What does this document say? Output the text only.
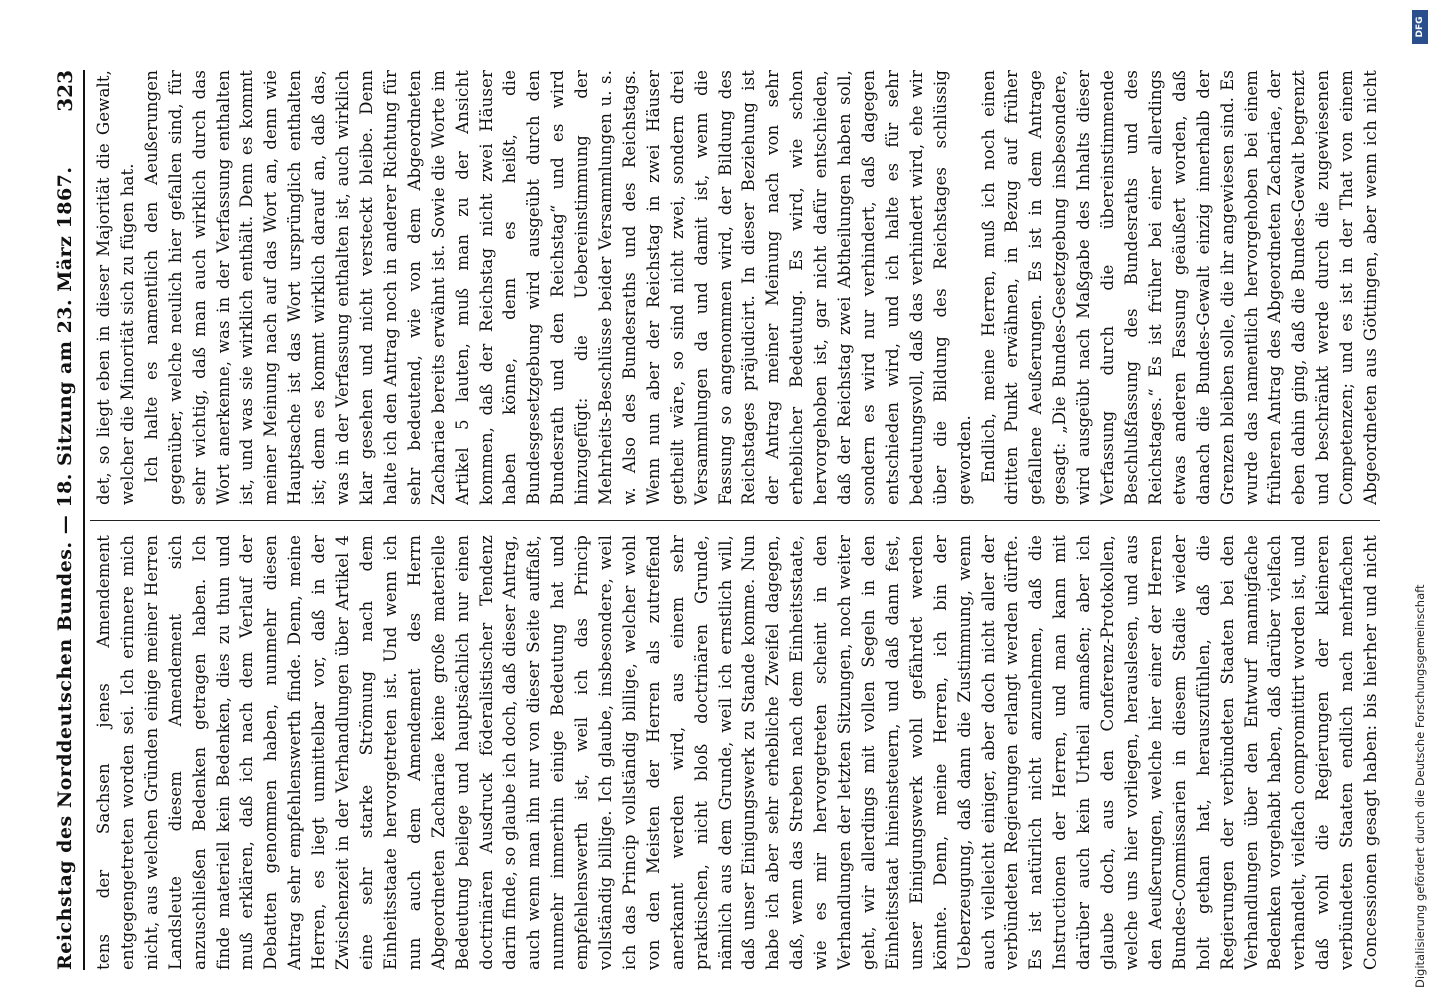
Reichstag des Norddeutschen Bundes. — 18. Sitzung am 23. März 1867.
323

tens der Sachsen jenes Amendement entgegengetreten worden sei. Ich erinnere mich nicht, aus welchen Gründen einige meiner Herren Landsleute diesem Amendement sich anzuschließen Bedenken getragen haben. Ich finde materiell kein Bedenken, dies zu thun und muß erklären, daß ich nach dem Verlauf der Debatten genommen haben, nunmehr diesen Antrag sehr empfehlenswerth finde. Denn, meine Herren, es liegt unmittelbar vor, daß in der Zwischenzeit in der Verhandlungen über Artikel 4 eine sehr starke Strömung nach dem Einheitsstaate hervorgetreten ist. Und wenn ich nun auch dem Amendement des Herrn Abgeordneten Zachariae keine große materielle Bedeutung beilege und hauptsächlich nur einen doctrinären Ausdruck föderalistischer Tendenz darin finde, so glaube ich doch, daß dieser Antrag, auch wenn man ihn nur von dieser Seite auffaßt, nunmehr immerhin einige Bedeutung hat und empfehlenswerth ist, weil ich das Princip vollständig billige. Ich glaube, insbesondere, weil ich das Princip vollständig billige, welcher wohl von den Meisten der Herren als zutreffend anerkannt werden wird, aus einem sehr praktischen, nicht bloß doctrinären Grunde, nämlich aus dem Grunde, weil ich ernstlich will, daß unser Einigungswerk zu Stande komme. Nun habe ich aber sehr erhebliche Zweifel dagegen, daß, wenn das Streben nach dem Einheitsstaate, wie es mir hervorgetreten scheint in den Verhandlungen der letzten Sitzungen, noch weiter geht, wir allerdings mit vollen Segeln in den Einheitsstaat hineinsteuern, und daß dann fest, unser Einigungswerk wohl gefährdet werden könnte. Denn, meine Herren, ich bin der Ueberzeugung, daß dann die Zustimmung, wenn auch vielleicht einiger, aber doch nicht aller der verbündeten Regierungen erlangt werden dürfte. Es ist natürlich nicht anzunehmen, daß die Instructionen der Herren, und man kann mit darüber auch kein Urtheil anmaßen; aber ich glaube doch, aus den Conferenz-Protokollen, welche uns hier vorliegen, herauslesen, und aus den Aeußerungen, welche hier einer der Herren Bundes-Commissarien in diesem Stadie wieder holt gethan hat, herauszufühlen, daß die Regierungen der verbündeten Staaten bei den Verhandlungen über den Entwurf mannigfache Bedenken vorgehabt haben, daß darüber vielfach verhandelt, vielfach compromittirt worden ist, und daß wohl die Regierungen der kleineren verbündeten Staaten endlich nach mehrfachen Concessionen gesagt haben: bis hierher und nicht

det, so liegt eben in dieser Majorität die Gewalt, welcher die Minorität sich zu fügen hat. Ich halte es namentlich den Aeußerungen gegenüber, welche neulich hier gefallen sind, für sehr wichtig, daß man auch wirklich durch das Wort anerkenne, was in der Verfassung enthalten ist, und was sie wirklich enthält. Denn es kommt meiner Meinung nach auf das Wort an, denn wie Hauptsache ist das Wort ursprünglich enthalten ist; denn es kommt wirklich darauf an, daß das, was in der Verfassung enthalten ist, auch wirklich klar gesehen und nicht versteckt bleibe. Denn halte ich den Antrag noch in anderer Richtung für sehr bedeutend, wie von dem Abgeordneten Zachariae bereits erwähnt ist. Sowie die Worte im Artikel 5 lauten, muß man zu der Ansicht kommen, daß der Reichstag nicht zwei Häuser haben könne, denn es heißt, die Bundesgesetzgebung wird ausgeübt durch den Bundesrath und den Reichstag“ und es wird hinzugefügt: die Uebereinstimmung der Mehrheits-Beschlüsse beider Versammlungen u. s. w. Also des Bundesraths und des Reichstags. Wenn nun aber der Reichstag in zwei Häuser getheilt wäre, so sind nicht zwei, sondern drei Versammlungen da und damit ist, wenn die Fassung so angenommen wird, der Bildung des Reichstages präjudicirt. In dieser Beziehung ist der Antrag meiner Meinung nach von sehr erheblicher Bedeutung. Es wird, wie schon hervorgehoben ist, gar nicht dafür entschieden, daß der Reichstag zwei Abtheilungen haben soll, sondern es wird nur verhindert, daß dagegen entschieden wird, und ich halte es für sehr bedeutungsvoll, daß das verhindert wird, ehe wir über die Bildung des Reichstages schlüssig geworden. Endlich, meine Herren, muß ich noch einen dritten Punkt erwähnen, in Bezug auf früher gefallene Aeußerungen. Es ist in dem Antrage gesagt: „Die Bundes-Gesetzgebung insbesondere, wird ausgeübt nach Maßgabe des Inhalts dieser Verfassung durch die übereinstimmende Beschlußfassung des Bundesraths und des Reichstages.“ Es ist früher bei einer allerdings etwas anderen Fassung geäußert worden, daß danach die Bundes-Gewalt einzig innerhalb der Grenzen bleiben solle, die ihr angewiesen sind. Es wurde das namentlich hervorgehoben bei einem früheren Antrag des Abgeordneten Zachariae, der eben dahin ging, daß die Bundes-Gewalt begrenzt und beschränkt werde durch die zugewiesenen Competenzen; und es ist in der That von einem Abgeordneten aus Göttingen, aber wenn ich nicht

Digitalisierung gefördert durch die Deutsche Forschungsgemeinschaft
DFG
